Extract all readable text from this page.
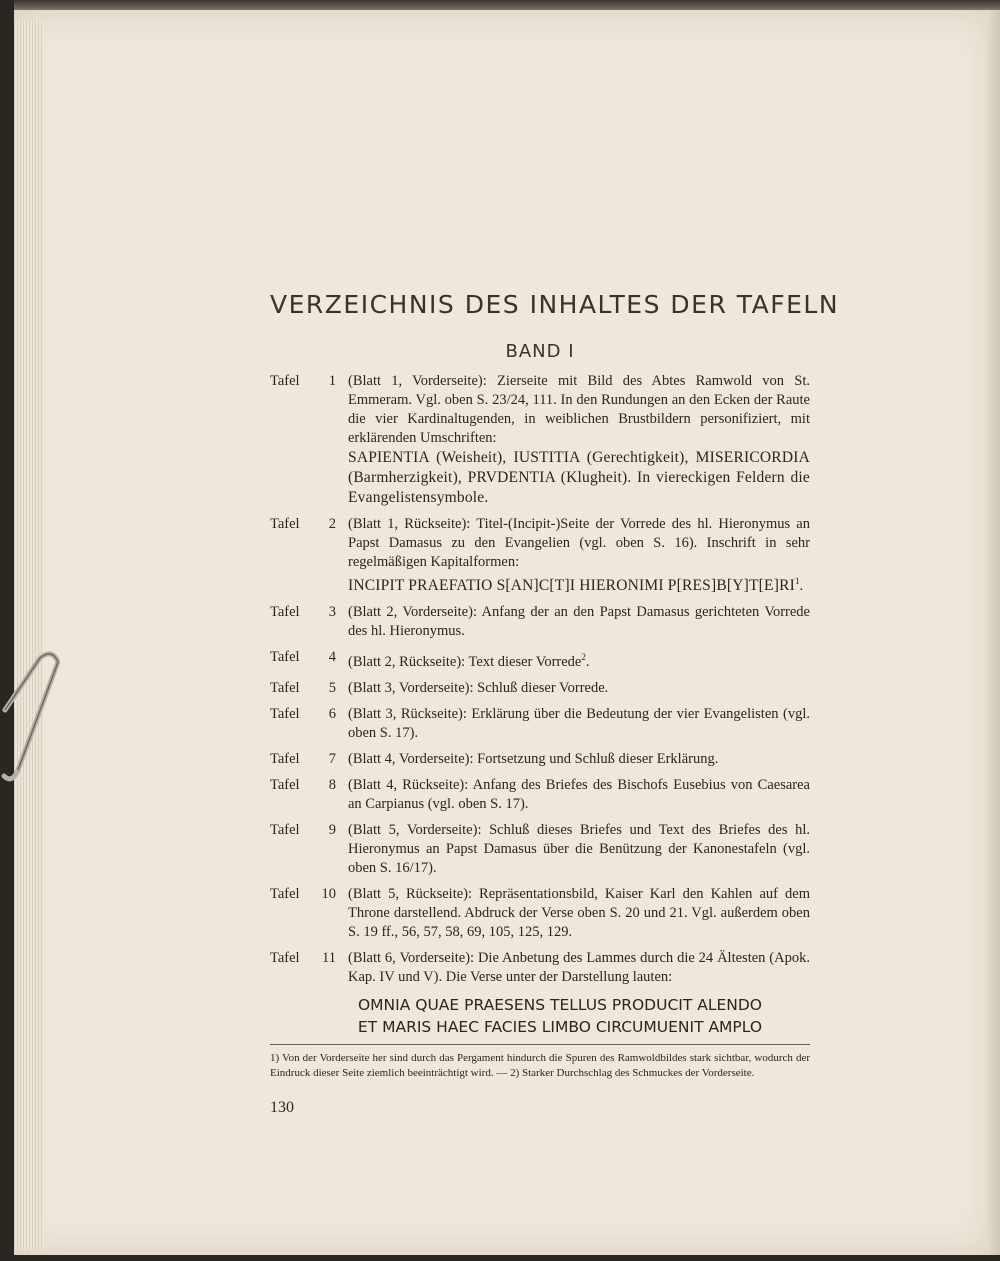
VERZEICHNIS DES INHALTES DER TAFELN
BAND I
Tafel	1 (Blatt 1, Vorderseite): Zierseite mit Bild des Abtes Ramwold von St. Emmeram. Vgl. oben S. 23/24, 111. In den Rundungen an den Ecken der Raute die vier Kardinaltugenden, in weiblichen Brustbildern personifiziert, mit erklärenden Umschriften:
SAPIENTIA (Weisheit), IUSTITIA (Gerechtigkeit), MISERICORDIA (Barmherzigkeit), PRVDENTIA (Klugheit). In viereckigen Feldern die Evangelistensymbole.
Tafel	2 (Blatt 1, Rückseite): Titel-(Incipit-)Seite der Vorrede des hl. Hieronymus an Papst Damasus zu den Evangelien (vgl. oben S. 16). Inschrift in sehr regelmäßigen Kapitalformen:
INCIPIT PRAEFATIO S[AN]C[T]I HIERONIMI $P[RES]B[Y]T[E]RI^1$.
Tafel	3 (Blatt 2, Vorderseite): Anfang der an den Papst Damasus gerichteten Vorrede des hl. Hieronymus.
Tafel	4 (Blatt 2, Rückseite): Text dieser Vorrede$^2$.
Tafel	5 (Blatt 3, Vorderseite): Schluß dieser Vorrede.
Tafel	6 (Blatt 3, Rückseite): Erklärung über die Bedeutung der vier Evangelisten (vgl. oben S. 17).
Tafel	7 (Blatt 4, Vorderseite): Fortsetzung und Schluß dieser Erklärung.
Tafel	8 (Blatt 4, Rückseite): Anfang des Briefes des Bischofs Eusebius von Caesarea an Carpianus (vgl. oben S. 17).
Tafel	9 (Blatt 5, Vorderseite): Schluß dieses Briefes und Text des Briefes des hl. Hieronymus an Papst Damasus über die Benützung der Kanonestafeln (vgl. oben S. 16/17).
Tafel	10 (Blatt 5, Rückseite): Repräsentationsbild, Kaiser Karl den Kahlen auf dem Throne darstellend. Abdruck der Verse oben S. 20 und 21. Vgl. außerdem oben S. 19 ff., 56, 57, 58, 69, 105, 125, 129.
Tafel	11 (Blatt 6, Vorderseite): Die Anbetung des Lammes durch die 24 Ältesten (Apok. Kap. IV und V). Die Verse unter der Darstellung lauten:
OMNIA QUAE PRAESENS TELLUS PRODUCIT ALENDO
ET MARIS HAEC FACIES LIMBO CIRCUMUENIT AMPLO
1) Von der Vorderseite her sind durch das Pergament hindurch die Spuren des Ramwoldbildes stark sichtbar, wodurch der Eindruck dieser Seite ziemlich beeinträchtigt wird. — 2) Starker Durchschlag des Schmuckes der Vorderseite.
130
